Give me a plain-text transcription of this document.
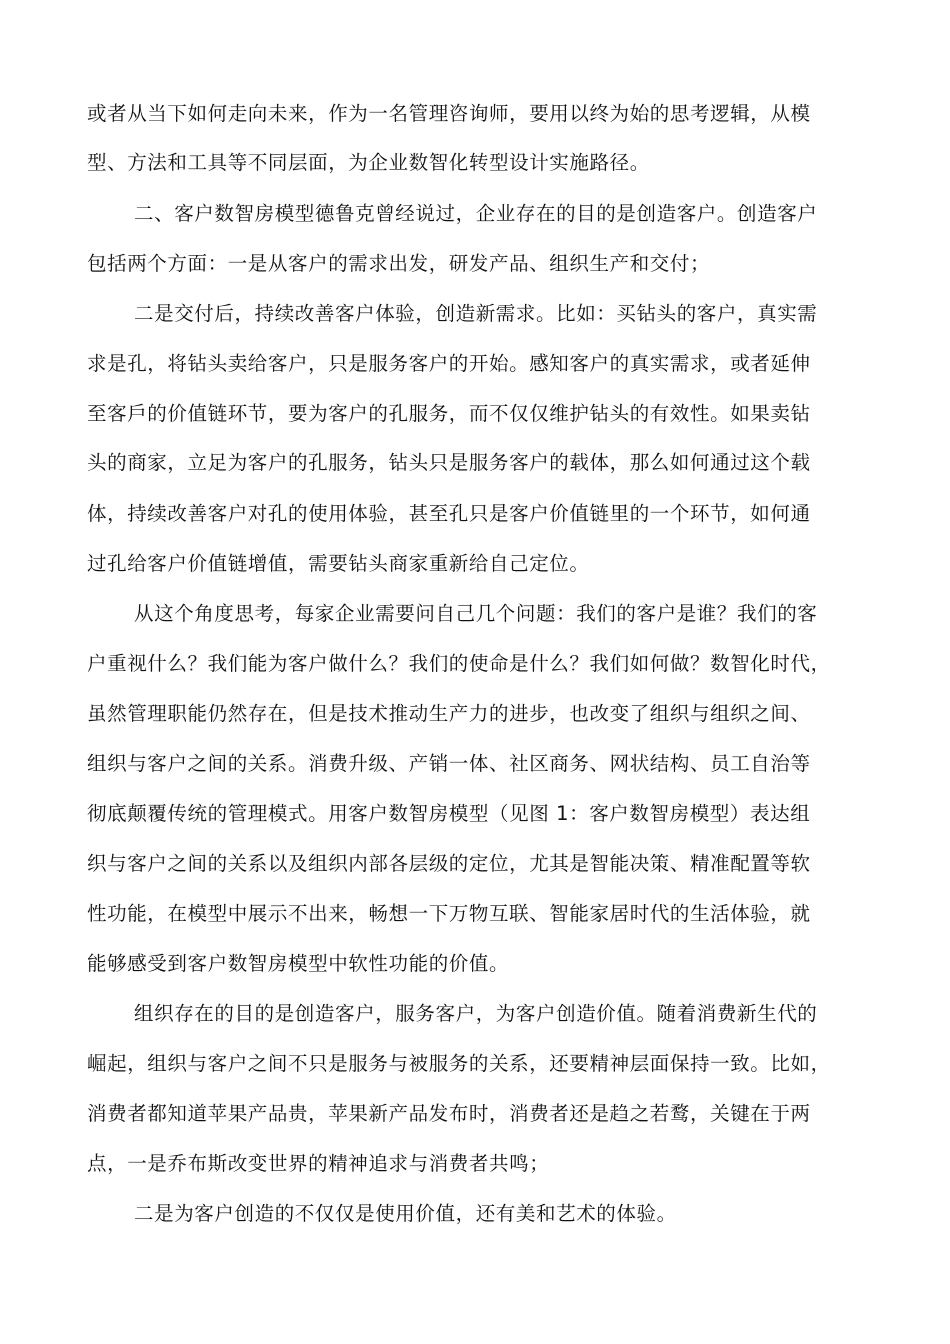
或者从当下如何走向未来，作为一名管理咨询师，要用以终为始的思考逻辑，从模
型、方法和工具等不同层面，为企业数智化转型设计实施路径。
二、客户数智房模型德鲁克曾经说过，企业存在的目的是创造客户。创造客户
包括两个方面：一是从客户的需求出发，研发产品、组织生产和交付；
二是交付后，持续改善客户体验，创造新需求。比如：买钻头的客户，真实需
求是孔，将钻头卖给客户，只是服务客户的开始。感知客户的真实需求，或者延伸
至客戶的价值链环节，要为客户的孔服务，而不仅仅维护钻头的有效性。如果卖钻
头的商家，立足为客户的孔服务，钻头只是服务客户的载体，那么如何通过这个载
体，持续改善客户对孔的使用体验，甚至孔只是客户价值链里的一个环节，如何通
过孔给客户价值链增值，需要钻头商家重新给自己定位。
从这个角度思考，每家企业需要问自己几个问题：我们的客户是谁？我们的客
户重视什么？我们能为客户做什么？我们的使命是什么？我们如何做？数智化时代，
虽然管理职能仍然存在，但是技术推动生产力的进步，也改变了组织与组织之间、
组织与客户之间的关系。消费升级、产销一体、社区商务、网状结构、员工自治等
彻底颠覆传统的管理模式。用客户数智房模型（见图 1：客户数智房模型）表达组
织与客户之间的关系以及组织内部各层级的定位，尤其是智能决策、精准配置等软
性功能，在模型中展示不出来，畅想一下万物互联、智能家居时代的生活体验，就
能够感受到客户数智房模型中软性功能的价值。
组织存在的目的是创造客户，服务客户，为客户创造价值。随着消费新生代的
崛起，组织与客户之间不只是服务与被服务的关系，还要精神层面保持一致。比如，
消费者都知道苹果产品贵，苹果新产品发布时，消费者还是趋之若鹜，关键在于两
点，一是乔布斯改变世界的精神追求与消费者共鸣；
二是为客户创造的不仅仅是使用价值，还有美和艺术的体验。
